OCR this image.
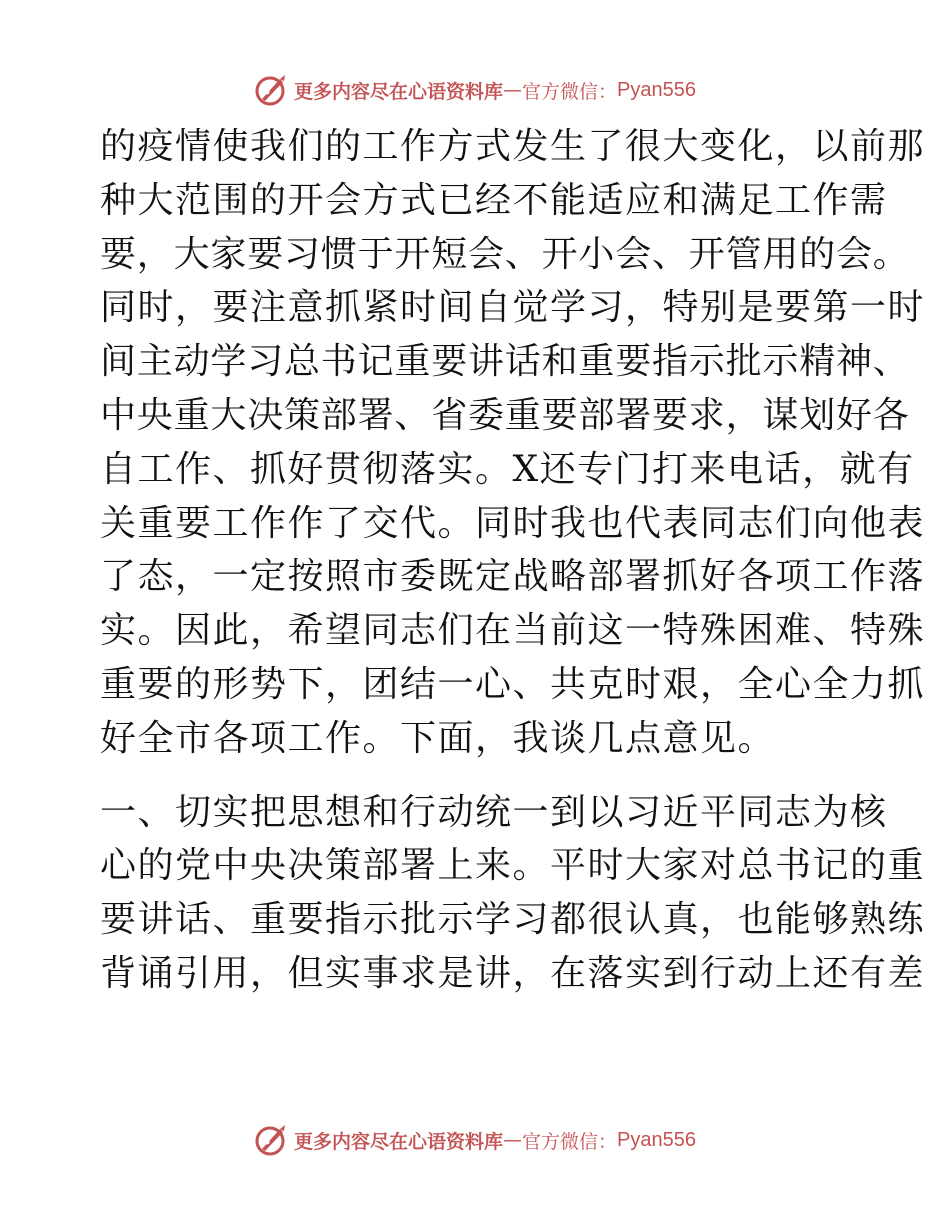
更多内容尽在心语资料库 — 官方微信： Pyan556
的疫情使我们的工作方式发生了很大变化，以前那
种大范围的开会方式已经不能适应和满足工作需
要，大家要习惯于开短会、开小会、开管用的会。
同时，要注意抓紧时间自觉学习，特别是要第一时
间主动学习总书记重要讲话和重要指示批示精神、
中央重大决策部署、省委重要部署要求，谋划好各
自工作、抓好贯彻落实。X还专门打来电话，就有
关重要工作作了交代。同时我也代表同志们向他表
了态，一定按照市委既定战略部署抓好各项工作落
实。因此，希望同志们在当前这一特殊困难、特殊
重要的形势下，团结一心、共克时艰，全心全力抓
好全市各项工作。下面，我谈几点意见。
一、切实把思想和行动统一到以习近平同志为核
心的党中央决策部署上来。平时大家对总书记的重
要讲话、重要指示批示学习都很认真，也能够熟练
背诵引用，但实事求是讲，在落实到行动上还有差
更多内容尽在心语资料库 — 官方微信： Pyan556
